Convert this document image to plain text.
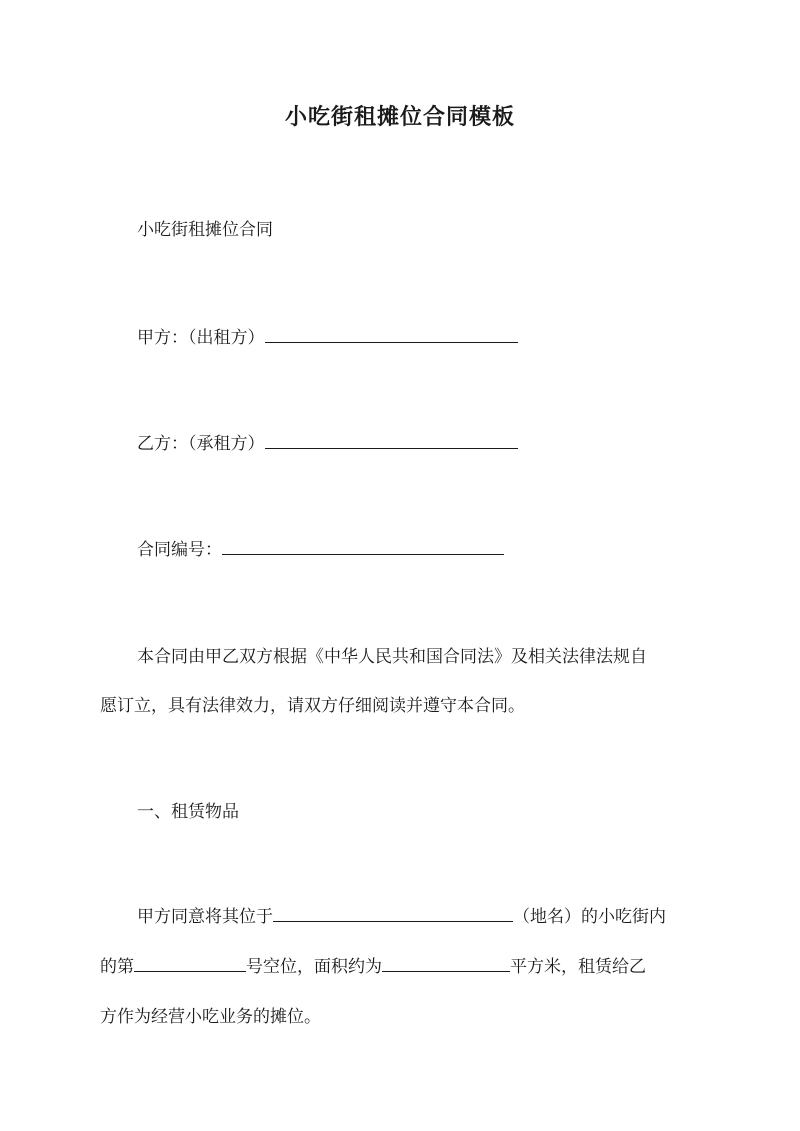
小吃街租摊位合同模板
小吃街租摊位合同
甲方：（出租方）
乙方：（承租方）
合同编号：
本合同由甲乙双方根据《中华人民共和国合同法》及相关法律法规自
愿订立，具有法律效力，请双方仔细阅读并遵守本合同。
一、租赁物品
甲方同意将其位于	（地名）的小吃街内
的第	号空位，面积约为	平方米，租赁给乙
方作为经营小吃业务的摊位。
